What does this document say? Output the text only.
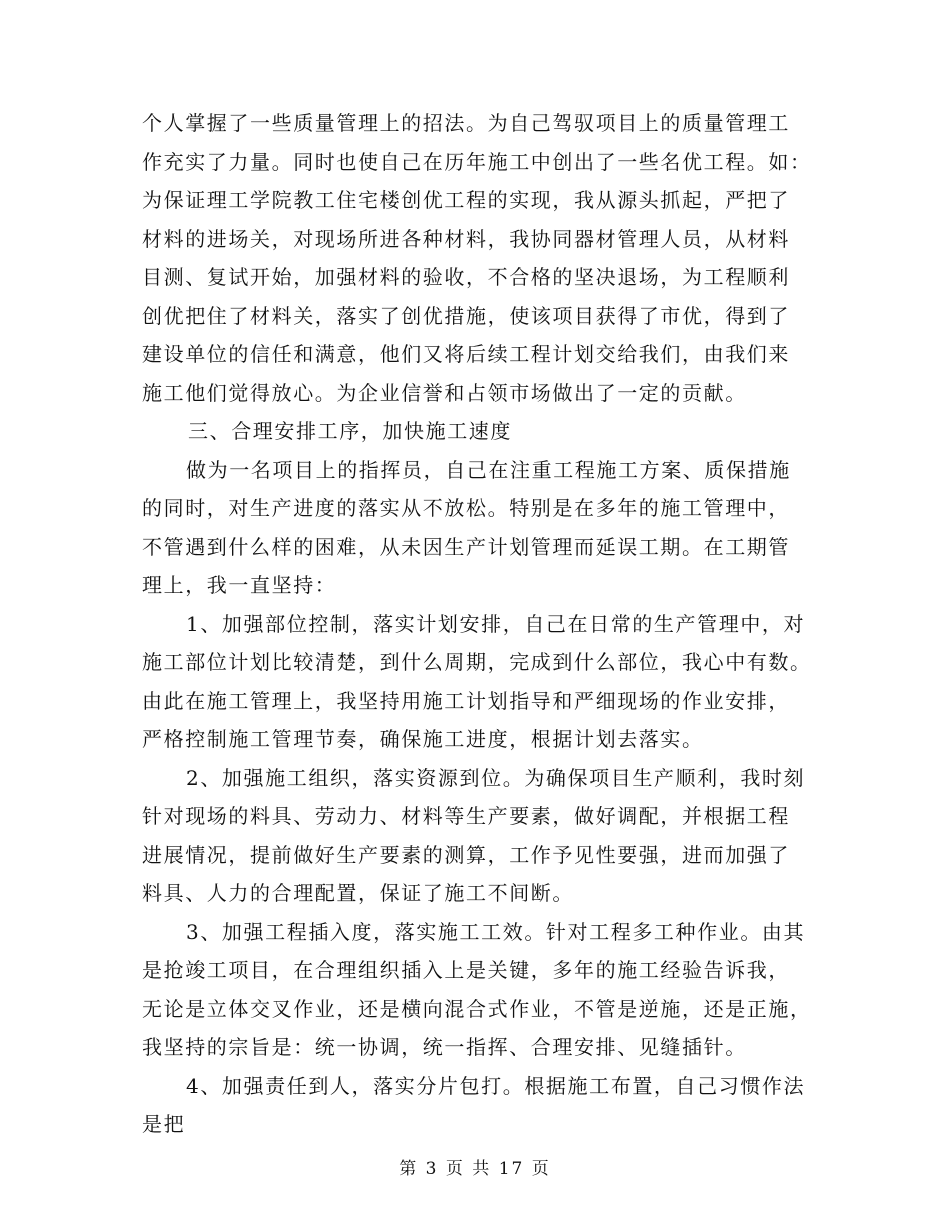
个人掌握了一些质量管理上的招法。为自己驾驭项目上的质量管理工
作充实了力量。同时也使自己在历年施工中创出了一些名优工程。如：
为保证理工学院教工住宅楼创优工程的实现，我从源头抓起，严把了
材料的进场关，对现场所进各种材料，我协同器材管理人员，从材料
目测、复试开始，加强材料的验收，不合格的坚决退场，为工程顺利
创优把住了材料关，落实了创优措施，使该项目获得了市优，得到了
建设单位的信任和满意，他们又将后续工程计划交给我们，由我们来
施工他们觉得放心。为企业信誉和占领市场做出了一定的贡献。
三、合理安排工序，加快施工速度
做为一名项目上的指挥员，自己在注重工程施工方案、质保措施
的同时，对生产进度的落实从不放松。特别是在多年的施工管理中，
不管遇到什么样的困难，从未因生产计划管理而延误工期。在工期管
理上，我一直坚持：
1、加强部位控制，落实计划安排，自己在日常的生产管理中，对
施工部位计划比较清楚，到什么周期，完成到什么部位，我心中有数。
由此在施工管理上，我坚持用施工计划指导和严细现场的作业安排，
严格控制施工管理节奏，确保施工进度，根据计划去落实。
2、加强施工组织，落实资源到位。为确保项目生产顺利，我时刻
针对现场的料具、劳动力、材料等生产要素，做好调配，并根据工程
进展情况，提前做好生产要素的测算，工作予见性要强，进而加强了
料具、人力的合理配置，保证了施工不间断。
3、加强工程插入度，落实施工工效。针对工程多工种作业。由其
是抢竣工项目，在合理组织插入上是关键，多年的施工经验告诉我，
无论是立体交叉作业，还是横向混合式作业，不管是逆施，还是正施，
我坚持的宗旨是：统一协调，统一指挥、合理安排、见缝插针。
4、加强责任到人，落实分片包打。根据施工布置，自己习惯作法
是把
第 3 页 共 17 页
